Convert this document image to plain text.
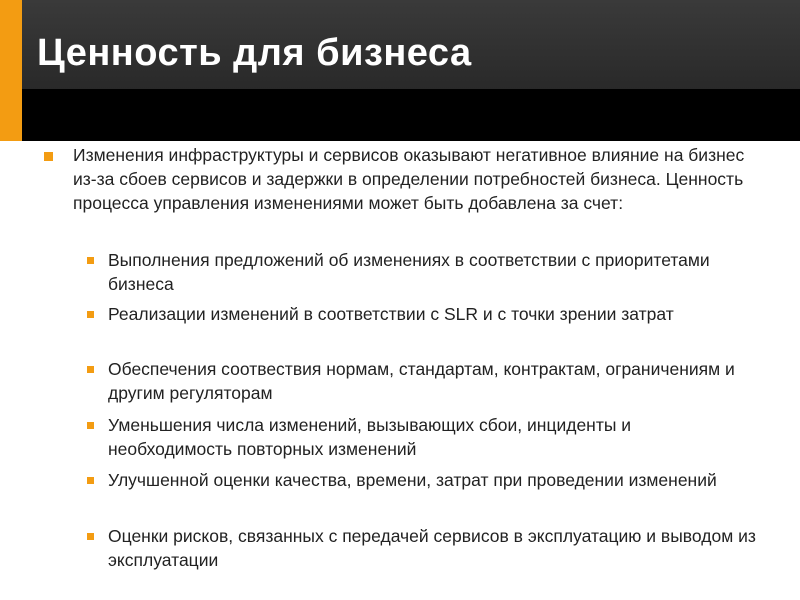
Ценность для бизнеса
Изменения инфраструктуры и сервисов оказывают негативное влияние на бизнес из-за сбоев сервисов и задержки в определении потребностей бизнеса. Ценность процесса управления изменениями может быть добавлена за счет:
Выполнения предложений об изменениях в соответствии с приоритетами бизнеса
Реализации изменений в соответствии с SLR и с точки зрении затрат
Обеспечения соотвествия нормам, стандартам, контрактам, ограничениям и другим регуляторам
Уменьшения числа изменений, вызывающих сбои, инциденты и необходимость повторных изменений
Улучшенной оценки качества, времени, затрат при проведении изменений
Оценки рисков, связанных с передачей сервисов в эксплуатацию и выводом из эксплуатации
